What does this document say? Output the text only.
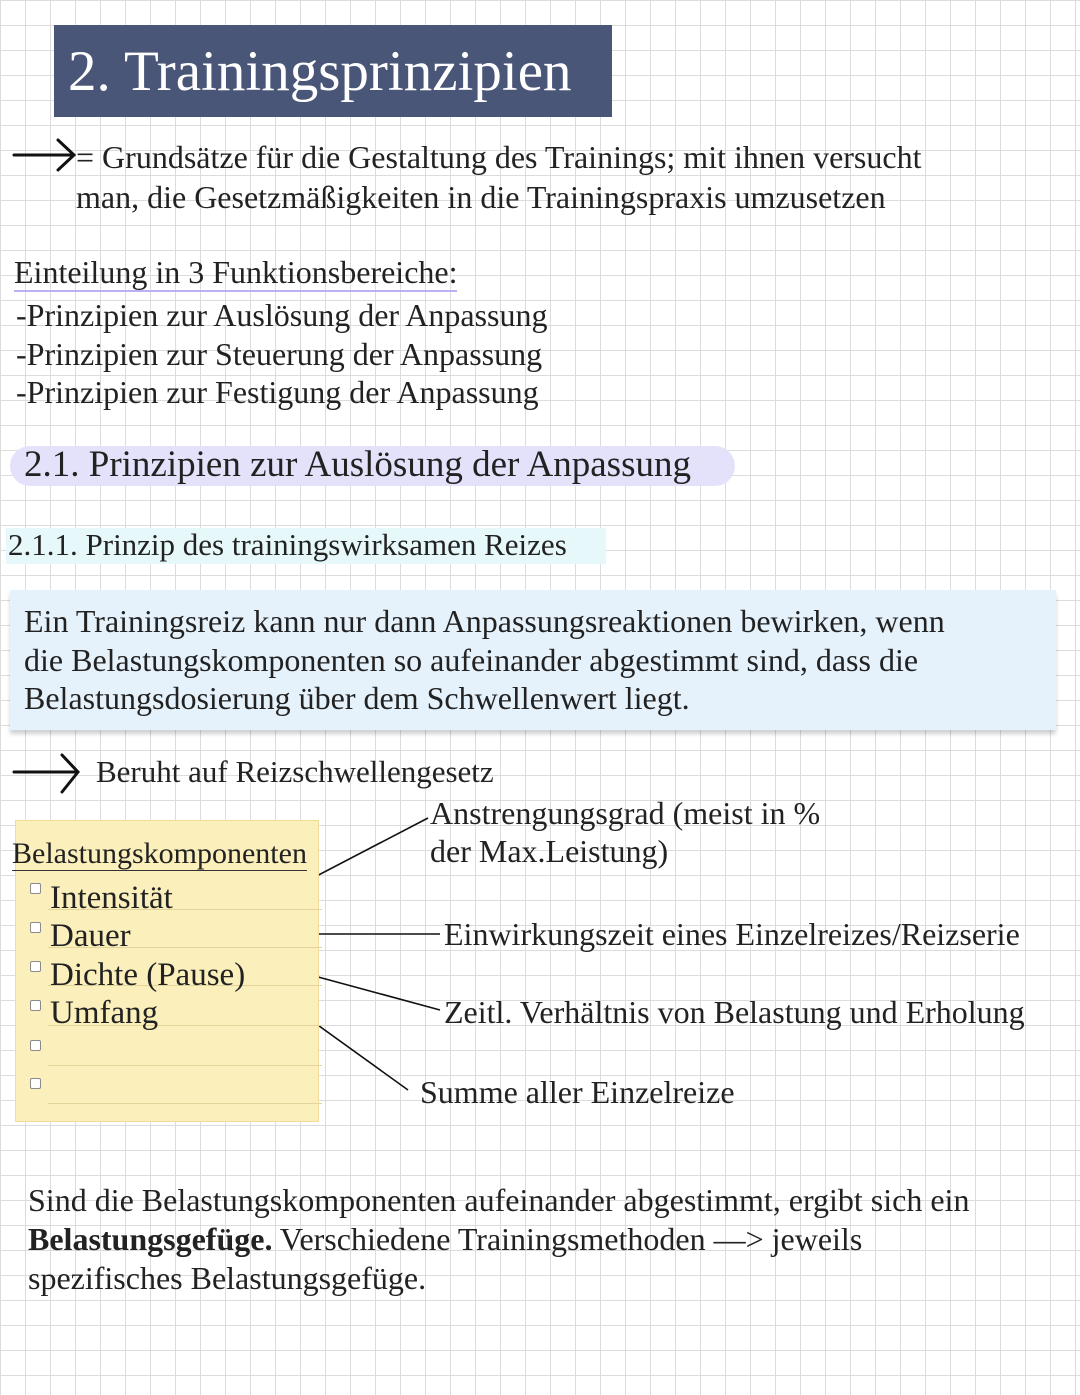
2. Trainingsprinzipien
= Grundsätze für die Gestaltung des Trainings; mit ihnen versucht
man, die Gesetzmäßigkeiten in die Trainingspraxis umzusetzen
Einteilung in 3 Funktionsbereiche:
-Prinzipien zur Auslösung der Anpassung
-Prinzipien zur Steuerung der Anpassung
-Prinzipien zur Festigung der Anpassung
2.1. Prinzipien zur Auslösung der Anpassung
2.1.1. Prinzip des trainingswirksamen Reizes
Ein Trainingsreiz kann nur dann Anpassungsreaktionen bewirken, wenn
die Belastungskomponenten so aufeinander abgestimmt sind, dass die
Belastungsdosierung über dem Schwellenwert liegt.
Beruht auf Reizschwellengesetz
Belastungskomponenten
Intensität
Dauer
Dichte (Pause)
Umfang
Anstrengungsgrad (meist in %
der Max.Leistung)
Einwirkungszeit eines Einzelreizes/Reizserie
Zeitl. Verhältnis von Belastung und Erholung
Summe aller Einzelreize
Sind die Belastungskomponenten aufeinander abgestimmt, ergibt sich ein
Belastungsgefüge. Verschiedene Trainingsmethoden —> jeweils
spezifisches Belastungsgefüge.
